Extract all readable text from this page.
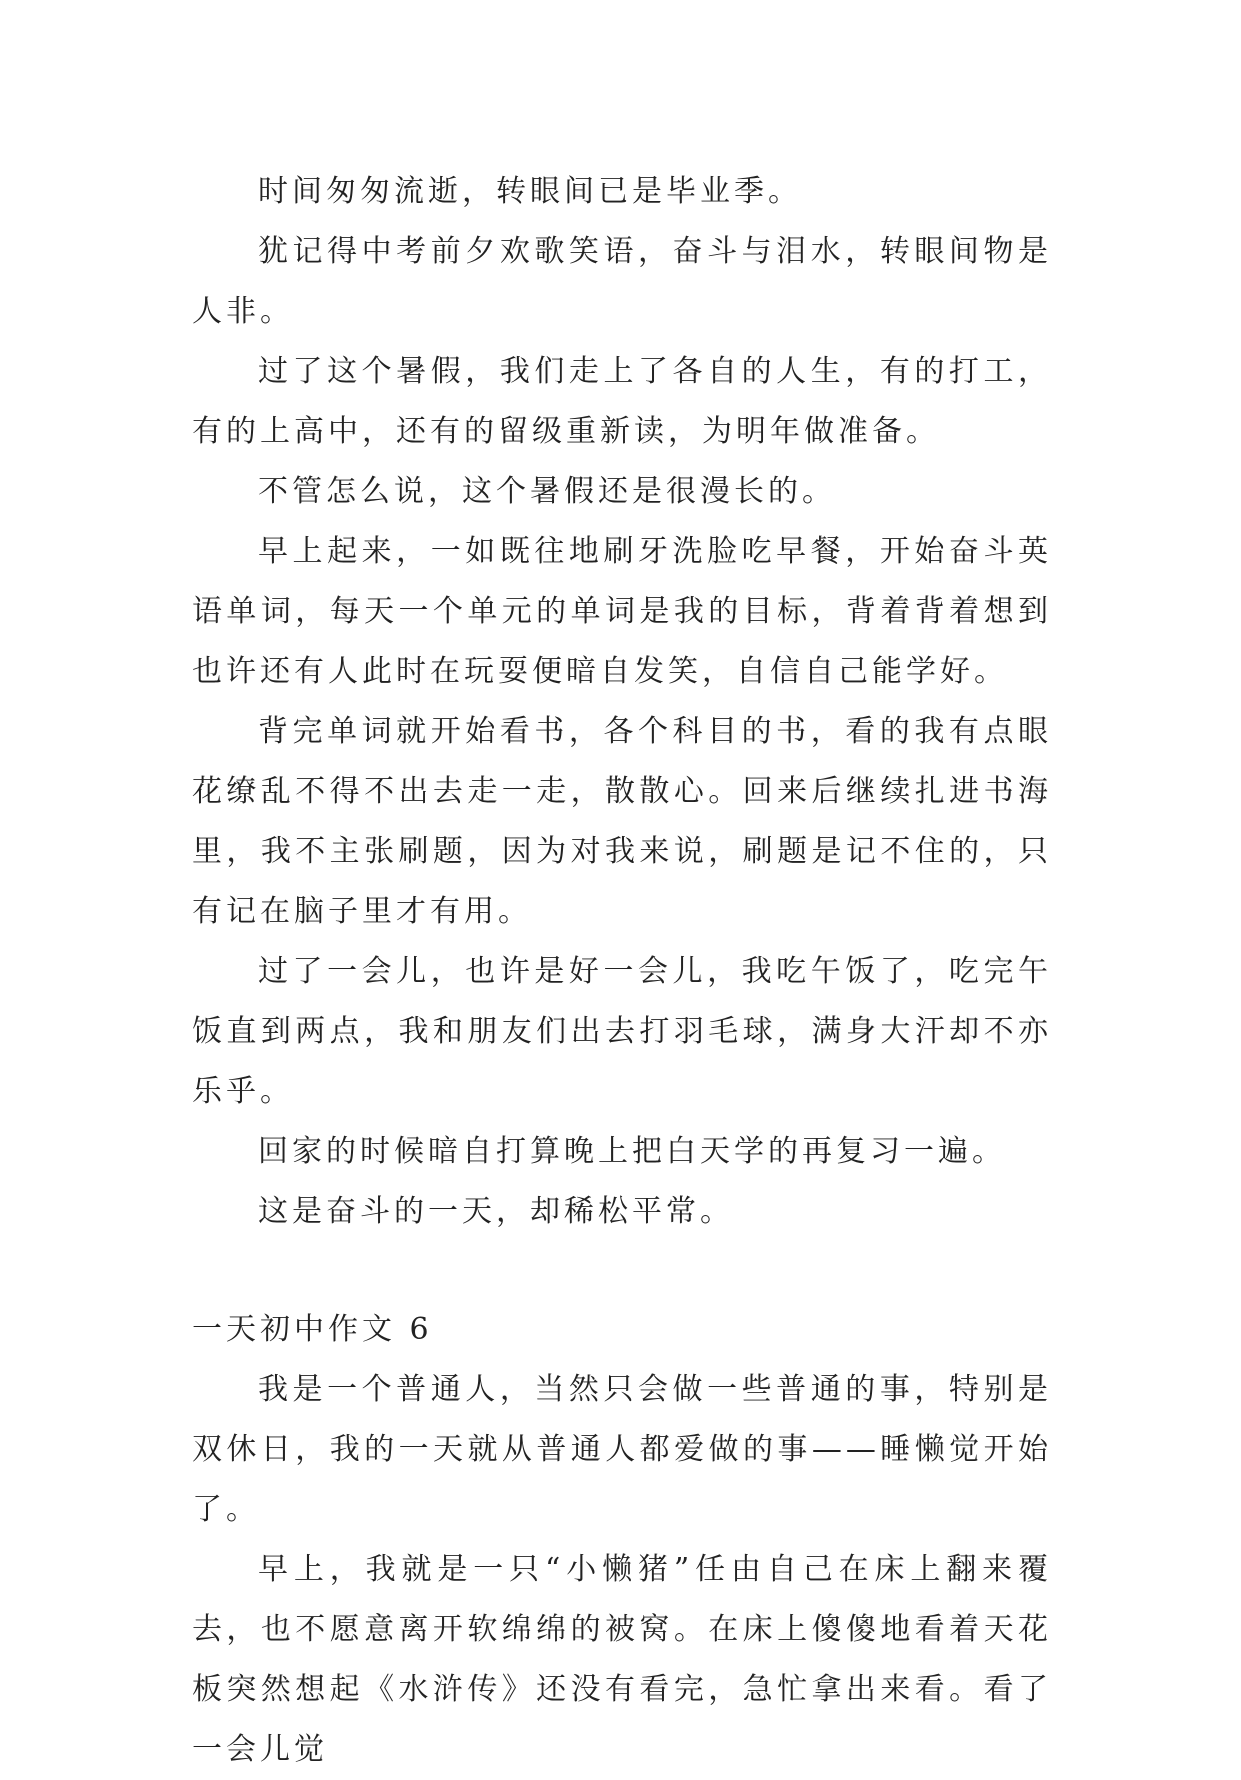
时间匆匆流逝，转眼间已是毕业季。

犹记得中考前夕欢歌笑语，奋斗与泪水，转眼间物是人非。

过了这个暑假，我们走上了各自的人生，有的打工，有的上高中，还有的留级重新读，为明年做准备。

不管怎么说，这个暑假还是很漫长的。

早上起来，一如既往地刷牙洗脸吃早餐，开始奋斗英语单词，每天一个单元的单词是我的目标，背着背着想到也许还有人此时在玩耍便暗自发笑，自信自己能学好。

背完单词就开始看书，各个科目的书，看的我有点眼花缭乱不得不出去走一走，散散心。回来后继续扎进书海里，我不主张刷题，因为对我来说，刷题是记不住的，只有记在脑子里才有用。

过了一会儿，也许是好一会儿，我吃午饭了，吃完午饭直到两点，我和朋友们出去打羽毛球，满身大汗却不亦乐乎。

回家的时候暗自打算晚上把白天学的再复习一遍。

这是奋斗的一天，却稀松平常。

一天初中作文 6

我是一个普通人，当然只会做一些普通的事，特别是双休日，我的一天就从普通人都爱做的事——睡懒觉开始了。

早上，我就是一只“小懒猪”任由自己在床上翻来覆去，也不愿意离开软绵绵的被窝。在床上傻傻地看着天花板突然想起《水浒传》还没有看完，急忙拿出来看。看了一会儿觉
